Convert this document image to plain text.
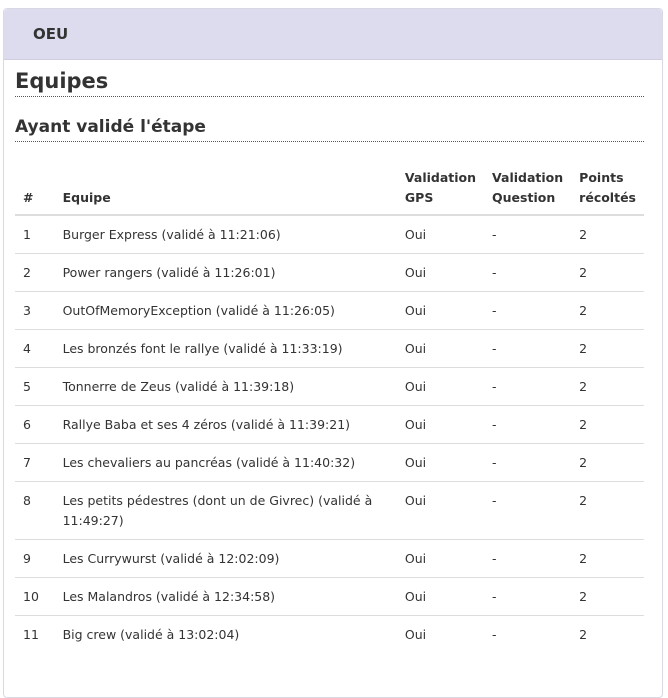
OEU
Equipes
Ayant validé l'étape
#	Equipe	Validation GPS	Validation Question	Points récoltés
1	Burger Express (validé à 11:21:06)	Oui	-	2
2	Power rangers (validé à 11:26:01)	Oui	-	2
3	OutOfMemoryException (validé à 11:26:05)	Oui	-	2
4	Les bronzés font le rallye (validé à 11:33:19)	Oui	-	2
5	Tonnerre de Zeus (validé à 11:39:18)	Oui	-	2
6	Rallye Baba et ses 4 zéros (validé à 11:39:21)	Oui	-	2
7	Les chevaliers au pancréas (validé à 11:40:32)	Oui	-	2
8	Les petits pédestres (dont un de Givrec) (validé à 11:49:27)	Oui	-	2
9	Les Currywurst (validé à 12:02:09)	Oui	-	2
10	Les Malandros (validé à 12:34:58)	Oui	-	2
11	Big crew (validé à 13:02:04)	Oui	-	2
